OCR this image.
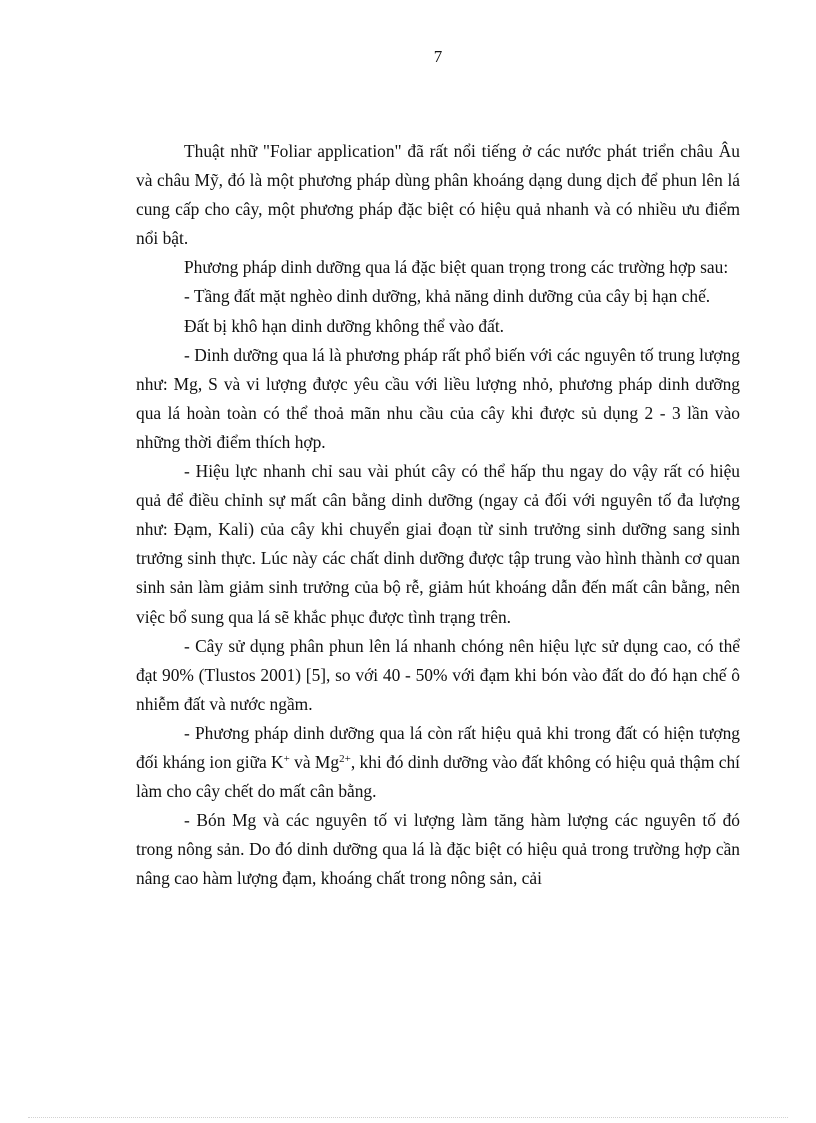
7

Thuật nhữ "Foliar application" đã rất nổi tiếng ở các nước phát triển châu Âu và châu Mỹ, đó là một phương pháp dùng phân khoáng dạng dung dịch để phun lên lá cung cấp cho cây, một phương pháp đặc biệt có hiệu quả nhanh và có nhiều ưu điểm nổi bật.

Phương pháp dinh dưỡng qua lá đặc biệt quan trọng trong các trường hợp sau:

- Tầng đất mặt nghèo dinh dưỡng, khả năng dinh dưỡng của cây bị hạn chế.

Đất bị khô hạn dinh dưỡng không thể vào đất.

- Dinh dưỡng qua lá là phương pháp rất phổ biến với các nguyên tố trung lượng như: Mg, S và vi lượng được yêu cầu với liều lượng nhỏ, phương pháp dinh dưỡng qua lá hoàn toàn có thể thoả mãn nhu cầu của cây khi được sủ dụng 2 - 3 lần vào những thời điểm thích hợp.

- Hiệu lực nhanh chỉ sau vài phút cây có thể hấp thu ngay do vậy rất có hiệu quả để điều chỉnh sự mất cân bằng dinh dưỡng (ngay cả đối với nguyên tố đa lượng như: Đạm, Kali) của cây khi chuyển giai đoạn từ sinh trưởng sinh dưỡng sang sinh trưởng sinh thực. Lúc này các chất dinh dưỡng được tập trung vào hình thành cơ quan sinh sản làm giảm sinh trưởng của bộ rễ, giảm hút khoáng dẫn đến mất cân bằng, nên việc bổ sung qua lá sẽ khắc phục được tình trạng trên.

- Cây sử dụng phân phun lên lá nhanh chóng nên hiệu lực sử dụng cao, có thể đạt 90% (Tlustos 2001) [5], so với 40 - 50% với đạm khi bón vào đất do đó hạn chế ô nhiễm đất và nước ngầm.

- Phương pháp dinh dưỡng qua lá còn rất hiệu quả khi trong đất có hiện tượng đối kháng ion giữa K+ và $Mg^{2+}$, khi đó dinh dưỡng vào đất không có hiệu quả thậm chí làm cho cây chết do mất cân bằng.

- Bón Mg và các nguyên tố vi lượng làm tăng hàm lượng các nguyên tố đó trong nông sản. Do đó dinh dưỡng qua lá là đặc biệt có hiệu quả trong trường hợp cần nâng cao hàm lượng đạm, khoáng chất trong nông sản, cải
